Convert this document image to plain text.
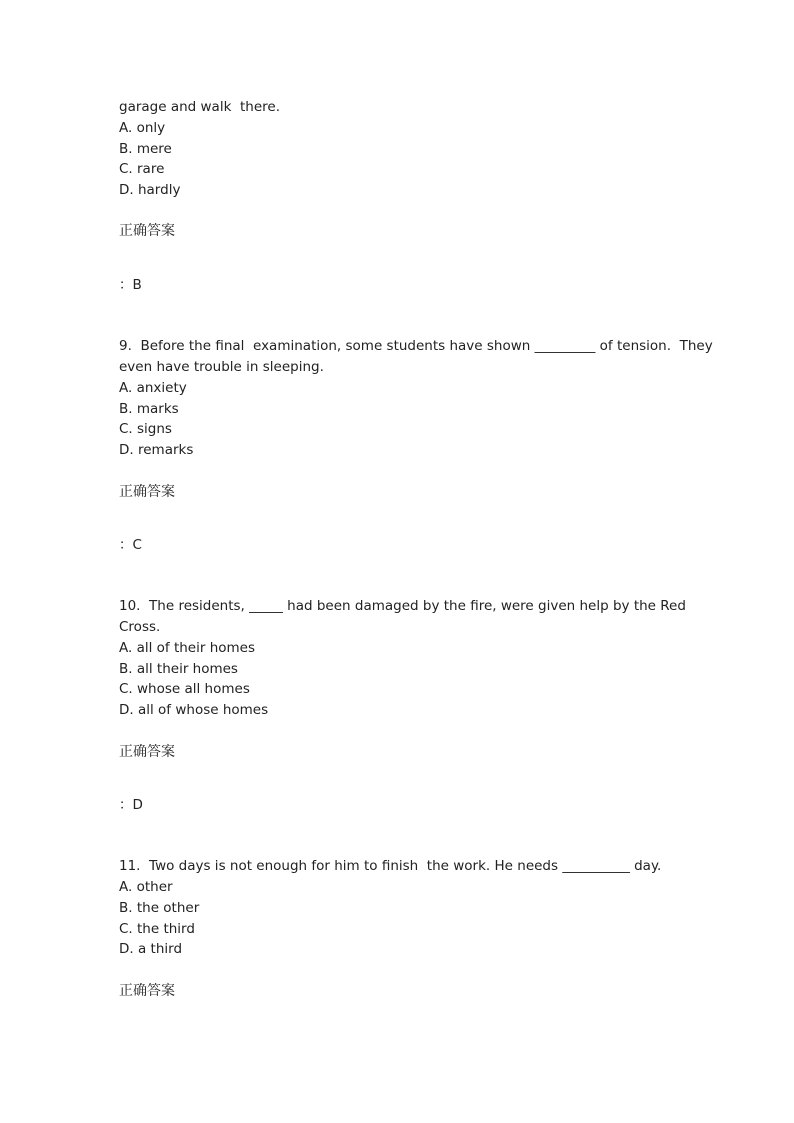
garage and walk  there.
A. only
B. mere
C. rare
D. hardly
正确答案
：B
9.  Before the final  examination, some students have shown _________ of tension.  They
even have trouble in sleeping.
A. anxiety
B. marks
C. signs
D. remarks
正确答案
：C
10.  The residents, _____ had been damaged by the fire, were given help by the Red
Cross.
A. all of their homes
B. all their homes
C. whose all homes
D. all of whose homes
正确答案
：D
11.  Two days is not enough for him to finish  the work. He needs __________ day.
A. other
B. the other
C. the third
D. a third
正确答案
